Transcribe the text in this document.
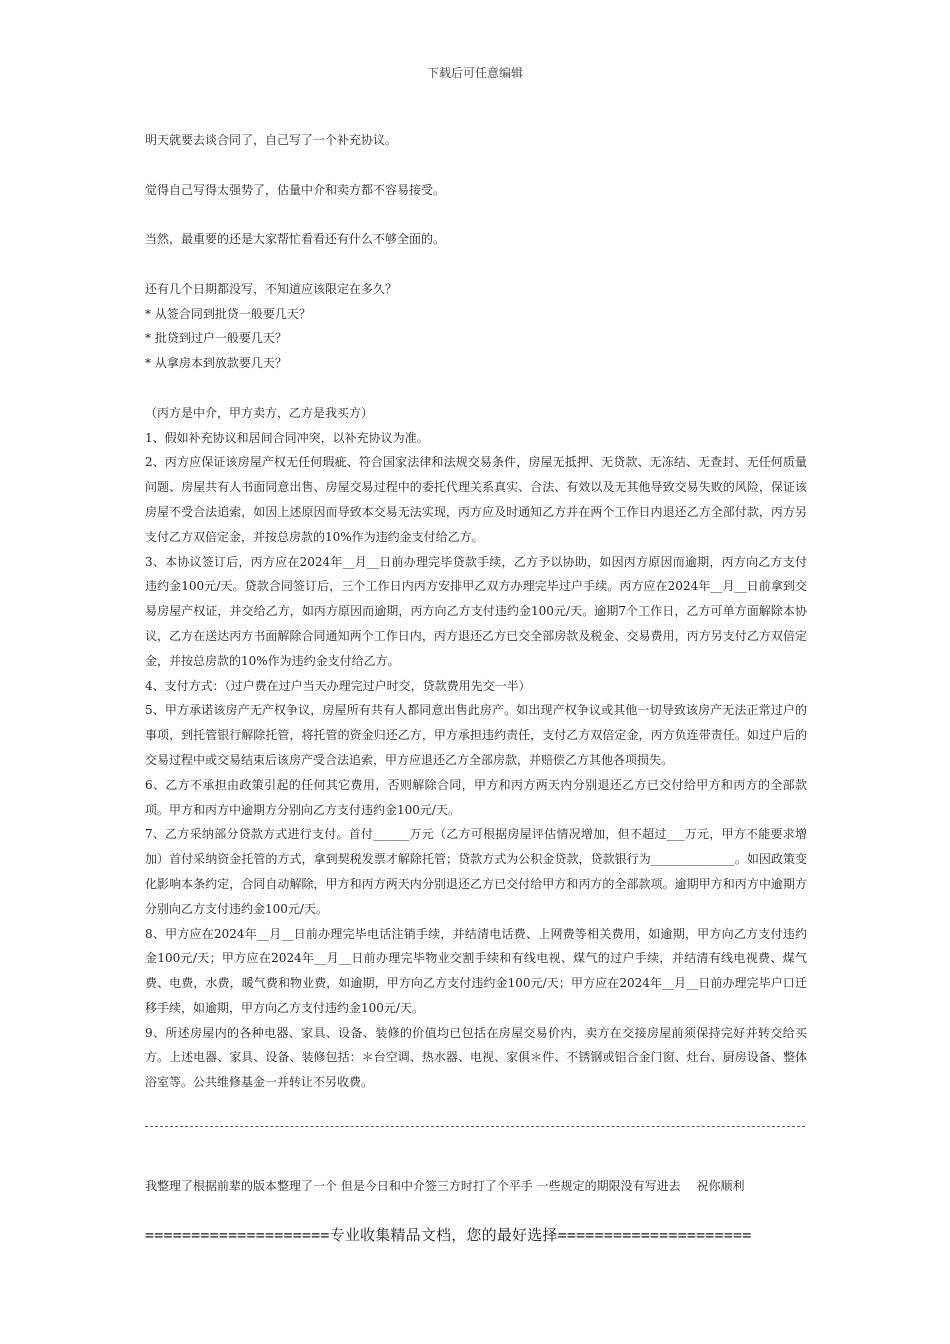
下载后可任意编辑

明天就要去谈合同了，自己写了一个补充协议。

觉得自己写得太强势了，估量中介和卖方都不容易接受。

当然，最重要的还是大家帮忙看看还有什么不够全面的。

还有几个日期都没写，不知道应该限定在多久？

* 从签合同到批贷一般要几天？

* 批贷到过户一般要几天？

* 从拿房本到放款要几天？

（丙方是中介，甲方卖方，乙方是我买方）

1、假如补充协议和居间合同冲突，以补充协议为准。

2、丙方应保证该房屋产权无任何瑕疵、符合国家法律和法规交易条件，房屋无抵押、无贷款、无冻结、无查封、无任何质量问题、房屋共有人书面同意出售、房屋交易过程中的委托代理关系真实、合法、有效以及无其他导致交易失败的风险，保证该房屋不受合法追索，如因上述原因而导致本交易无法实现，丙方应及时通知乙方并在两个工作日内退还乙方全部付款，丙方另支付乙方双倍定金，并按总房款的10%作为违约金支付给乙方。

3、本协议签订后，丙方应在2024年__月__日前办理完毕贷款手续，乙方予以协助，如因丙方原因而逾期，丙方向乙方支付违约金100元/天。贷款合同签订后，三个工作日内丙方安排甲乙双方办理完毕过户手续。丙方应在2024年__月__日前拿到交易房屋产权证，并交给乙方，如丙方原因而逾期，丙方向乙方支付违约金100元/天。逾期7个工作日，乙方可单方面解除本协议，乙方在送达丙方书面解除合同通知两个工作日内，丙方退还乙方已交全部房款及税金、交易费用，丙方另支付乙方双倍定金，并按总房款的10%作为违约金支付给乙方。

4、支付方式：（过户费在过户当天办理完过户时交，贷款费用先交一半）

5、甲方承诺该房产无产权争议，房屋所有共有人都同意出售此房产。如出现产权争议或其他一切导致该房产无法正常过户的事项，到托管银行解除托管，将托管的资金归还乙方，甲方承担违约责任，支付乙方双倍定金，丙方负连带责任。如过户后的交易过程中或交易结束后该房产受合法追索，甲方应退还乙方全部房款，并赔偿乙方其他各项损失。

6、乙方不承担由政策引起的任何其它费用，否则解除合同，甲方和丙方两天内分别退还乙方已交付给甲方和丙方的全部款项。甲方和丙方中逾期方分别向乙方支付违约金100元/天。

7、乙方采纳部分贷款方式进行支付。首付______万元（乙方可根据房屋评估情况增加，但不超过___万元，甲方不能要求增加）首付采纳资金托管的方式，拿到契税发票才解除托管；贷款方式为公积金贷款，贷款银行为______________。如因政策变化影响本条约定，合同自动解除，甲方和丙方两天内分别退还乙方已交付给甲方和丙方的全部款项。逾期甲方和丙方中逾期方分别向乙方支付违约金100元/天。

8、甲方应在2024年__月__日前办理完毕电话注销手续，并结清电话费、上网费等相关费用，如逾期，甲方向乙方支付违约金100元/天；甲方应在2024年__月__日前办理完毕物业交割手续和有线电视、煤气的过户手续，并结清有线电视费、煤气费、电费，水费，暖气费和物业费，如逾期，甲方向乙方支付违约金100元/天；甲方应在2024年__月__日前办理完毕户口迁移手续，如逾期，甲方向乙方支付违约金100元/天。

9、所述房屋内的各种电器、家具、设备、装修的价值均已包括在房屋交易价内，卖方在交接房屋前须保持完好并转交给买方。上述电器、家具、设备、装修包括：＊台空调、热水器、电视、家俱＊件、不锈钢或铝合金门窗、灶台、厨房设备、整体浴室等。公共维修基金一并转让不另收费。

我整理了根据前辈的版本整理了一个 但是今日和中介签三方时打了个平手 一些规定的期限没有写进去　 祝你顺利
====================专业收集精品文档，您的最好选择=====================
